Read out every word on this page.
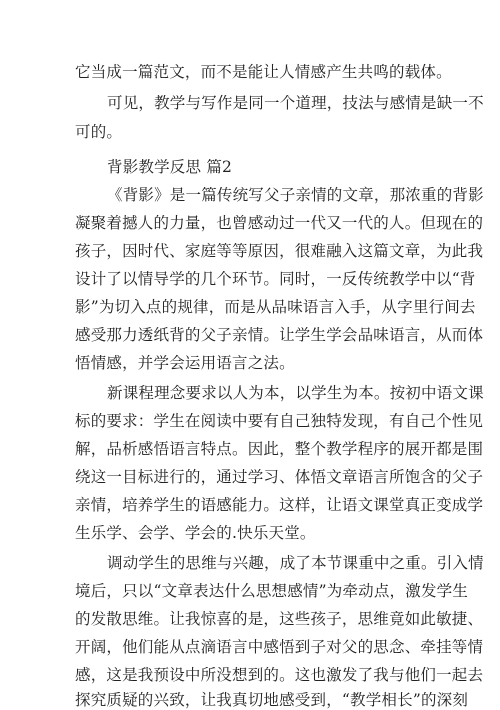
它当成一篇范文，而不是能让人情感产生共鸣的载体。
可见，教学与写作是同一个道理，技法与感情是缺一不
可的。
背影教学反思 篇2
《背影》是一篇传统写父子亲情的文章，那浓重的背影
凝聚着撼人的力量，也曾感动过一代又一代的人。但现在的
孩子，因时代、家庭等等原因，很难融入这篇文章，为此我
设计了以情导学的几个环节。同时，一反传统教学中以“背
影”为切入点的规律，而是从品味语言入手，从字里行间去
感受那力透纸背的父子亲情。让学生学会品味语言，从而体
悟情感，并学会运用语言之法。
新课程理念要求以人为本，以学生为本。按初中语文课
标的要求：学生在阅读中要有自己独特发现，有自己个性见
解，品析感悟语言特点。因此，整个教学程序的展开都是围
绕这一目标进行的，通过学习、体悟文章语言所饱含的父子
亲情，培养学生的语感能力。这样，让语文课堂真正变成学
生乐学、会学、学会的.快乐天堂。
调动学生的思维与兴趣，成了本节课重中之重。引入情
境后，只以“文章表达什么思想感情”为牵动点，激发学生
的发散思维。让我惊喜的是，这些孩子，思维竟如此敏捷、
开阔，他们能从点滴语言中感悟到子对父的思念、牵挂等情
感，这是我预设中所没想到的。这也激发了我与他们一起去
探究质疑的兴致，让我真切地感受到，“教学相长”的深刻
